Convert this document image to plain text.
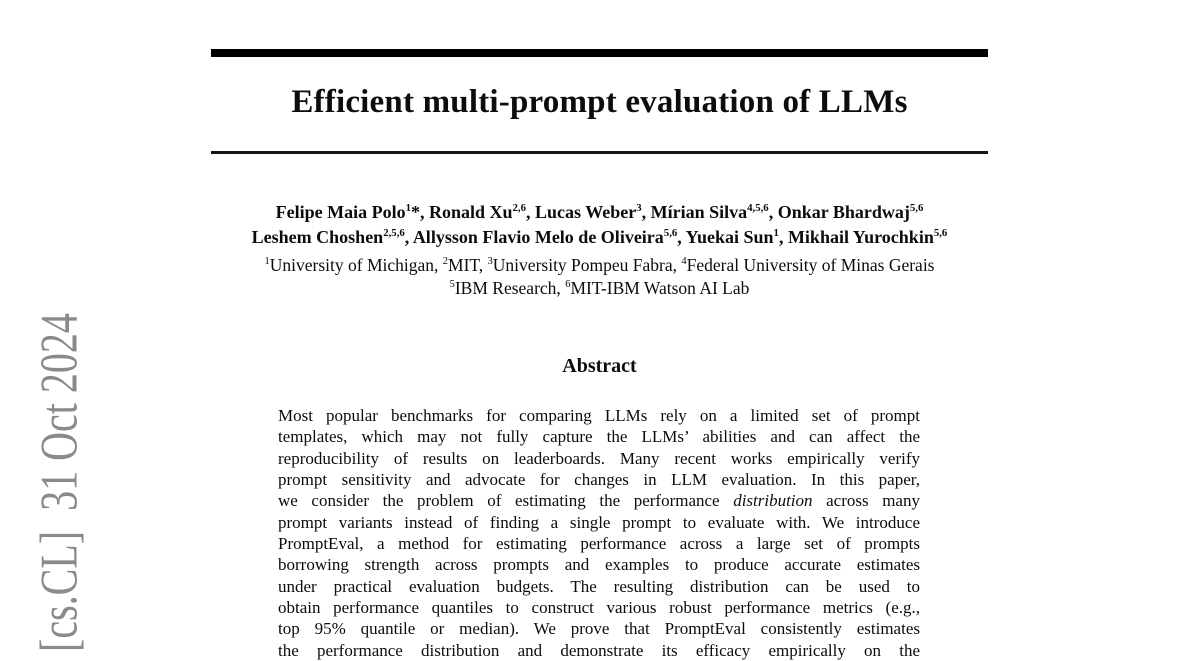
[cs.CL]  31 Oct 2024
Efficient multi-prompt evaluation of LLMs
Felipe Maia Polo$^1$*, Ronald Xu$^{2,6}$, Lucas Weber$^3$, Mírian Silva$^{4,5,6}$, Onkar Bhardwaj$^{5,6}$
Leshem Choshen$^{2,5,6}$, Allysson Flavio Melo de Oliveira$^{5,6}$, Yuekai Sun$^1$, Mikhail Yurochkin$^{5,6}$
$^1$University of Michigan, $^2$MIT, $^3$University Pompeu Fabra, $^4$Federal University of Minas Gerais
$^5$IBM Research, $^6$MIT-IBM Watson AI Lab
Abstract
Most popular benchmarks for comparing LLMs rely on a limited set of prompt
templates, which may not fully capture the LLMs’ abilities and can affect the
reproducibility of results on leaderboards. Many recent works empirically verify
prompt sensitivity and advocate for changes in LLM evaluation. In this paper,
we consider the problem of estimating the performance distribution across many
prompt variants instead of finding a single prompt to evaluate with. We introduce
PromptEval, a method for estimating performance across a large set of prompts
borrowing strength across prompts and examples to produce accurate estimates
under practical evaluation budgets. The resulting distribution can be used to
obtain performance quantiles to construct various robust performance metrics (e.g.,
top 95% quantile or median). We prove that PromptEval consistently estimates
the performance distribution and demonstrate its efficacy empirically on the
